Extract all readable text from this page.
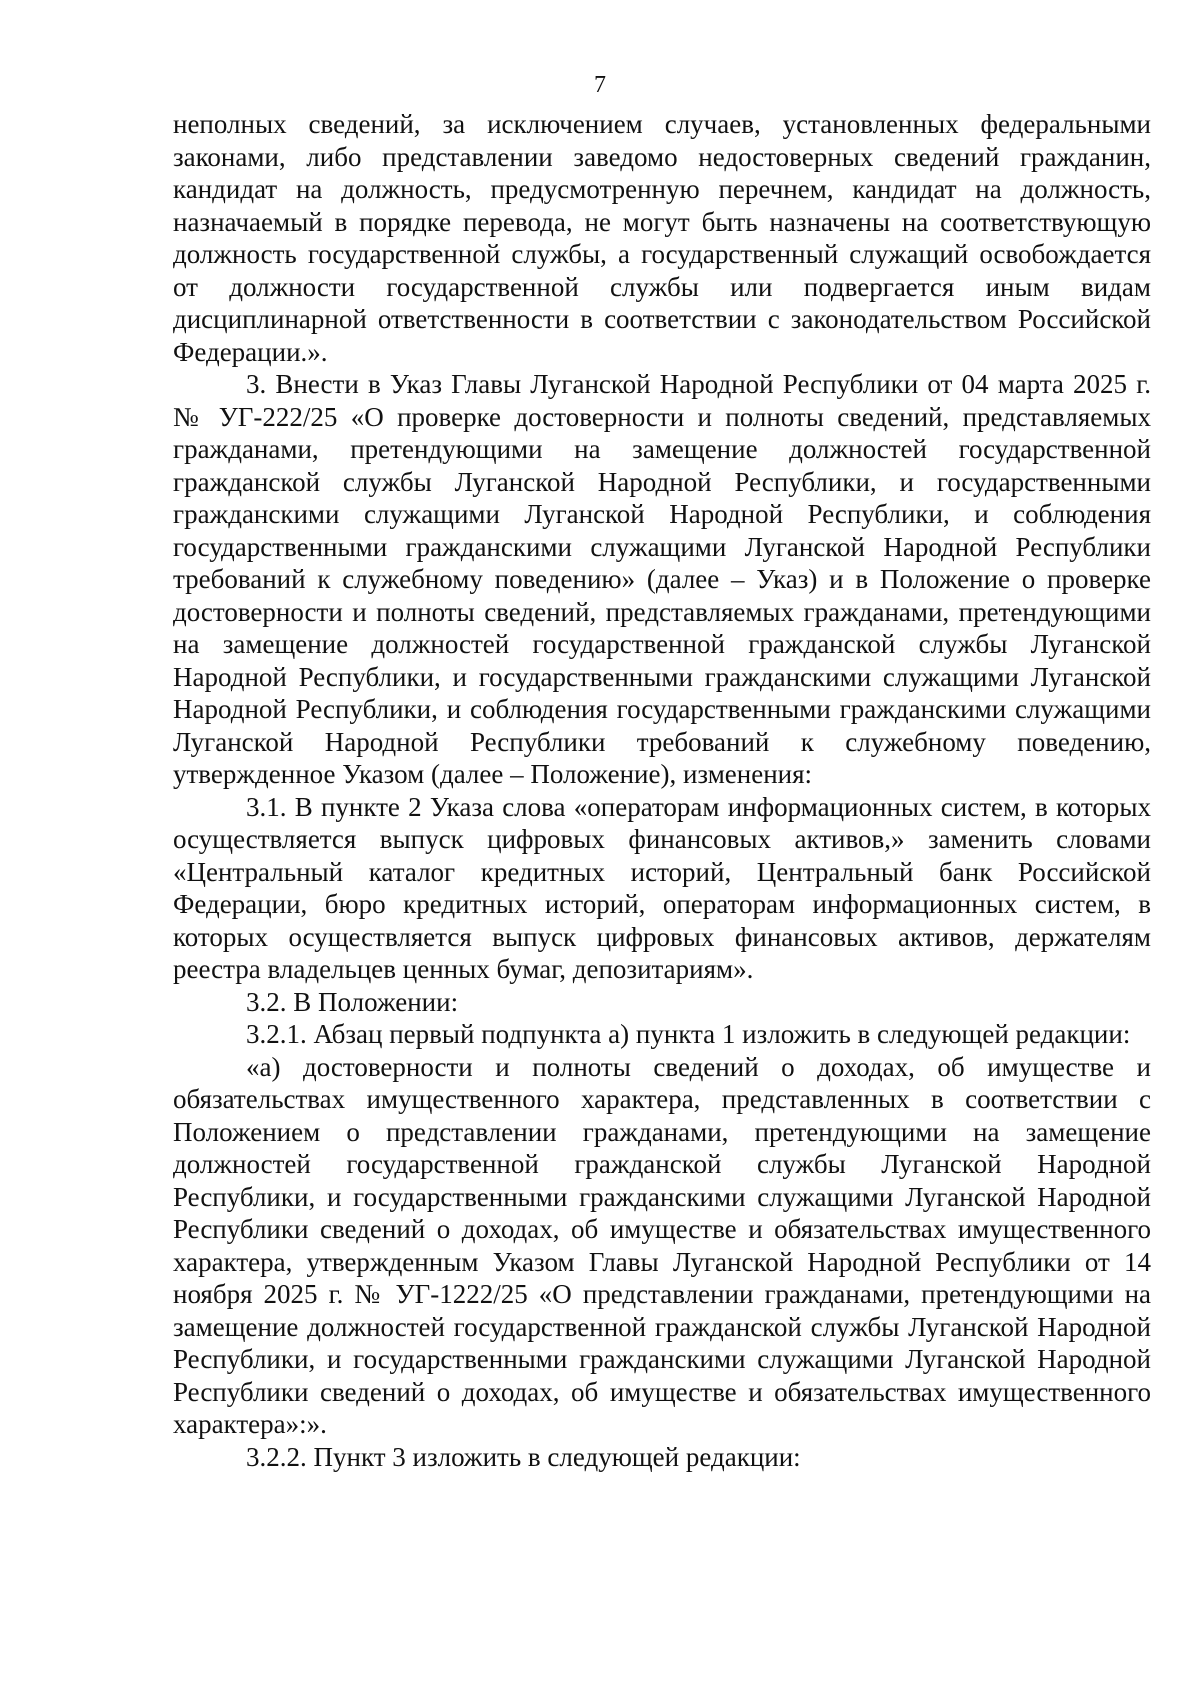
7

неполных сведений, за исключением случаев, установленных федеральными законами, либо представлении заведомо недостоверных сведений гражданин, кандидат на должность, предусмотренную перечнем, кандидат на должность, назначаемый в порядке перевода, не могут быть назначены на соответствующую должность государственной службы, а государственный служащий освобождается от должности государственной службы или подвергается иным видам дисциплинарной ответственности в соответствии с законодательством Российской Федерации.».

3. Внести в Указ Главы Луганской Народной Республики от 04 марта 2025 г. № УГ-222/25 «О проверке достоверности и полноты сведений, представляемых гражданами, претендующими на замещение должностей государственной гражданской службы Луганской Народной Республики, и государственными гражданскими служащими Луганской Народной Республики, и соблюдения государственными гражданскими служащими Луганской Народной Республики требований к служебному поведению» (далее – Указ) и в Положение о проверке достоверности и полноты сведений, представляемых гражданами, претендующими на замещение должностей государственной гражданской службы Луганской Народной Республики, и государственными гражданскими служащими Луганской Народной Республики, и соблюдения государственными гражданскими служащими Луганской Народной Республики требований к служебному поведению, утвержденное Указом (далее – Положение), изменения:

3.1. В пункте 2 Указа слова «операторам информационных систем, в которых осуществляется выпуск цифровых финансовых активов,» заменить словами «Центральный каталог кредитных историй, Центральный банк Российской Федерации, бюро кредитных историй, операторам информационных систем, в которых осуществляется выпуск цифровых финансовых активов, держателям реестра владельцев ценных бумаг, депозитариям».

3.2. В Положении:

3.2.1. Абзац первый подпункта а) пункта 1 изложить в следующей редакции:

«а) достоверности и полноты сведений о доходах, об имуществе и обязательствах имущественного характера, представленных в соответствии с Положением о представлении гражданами, претендующими на замещение должностей государственной гражданской службы Луганской Народной Республики, и государственными гражданскими служащими Луганской Народной Республики сведений о доходах, об имуществе и обязательствах имущественного характера, утвержденным Указом Главы Луганской Народной Республики от 14 ноября 2025 г. № УГ-1222/25 «О представлении гражданами, претендующими на замещение должностей государственной гражданской службы Луганской Народной Республики, и государственными гражданскими служащими Луганской Народной Республики сведений о доходах, об имуществе и обязательствах имущественного характера»:».

3.2.2. Пункт 3 изложить в следующей редакции:
